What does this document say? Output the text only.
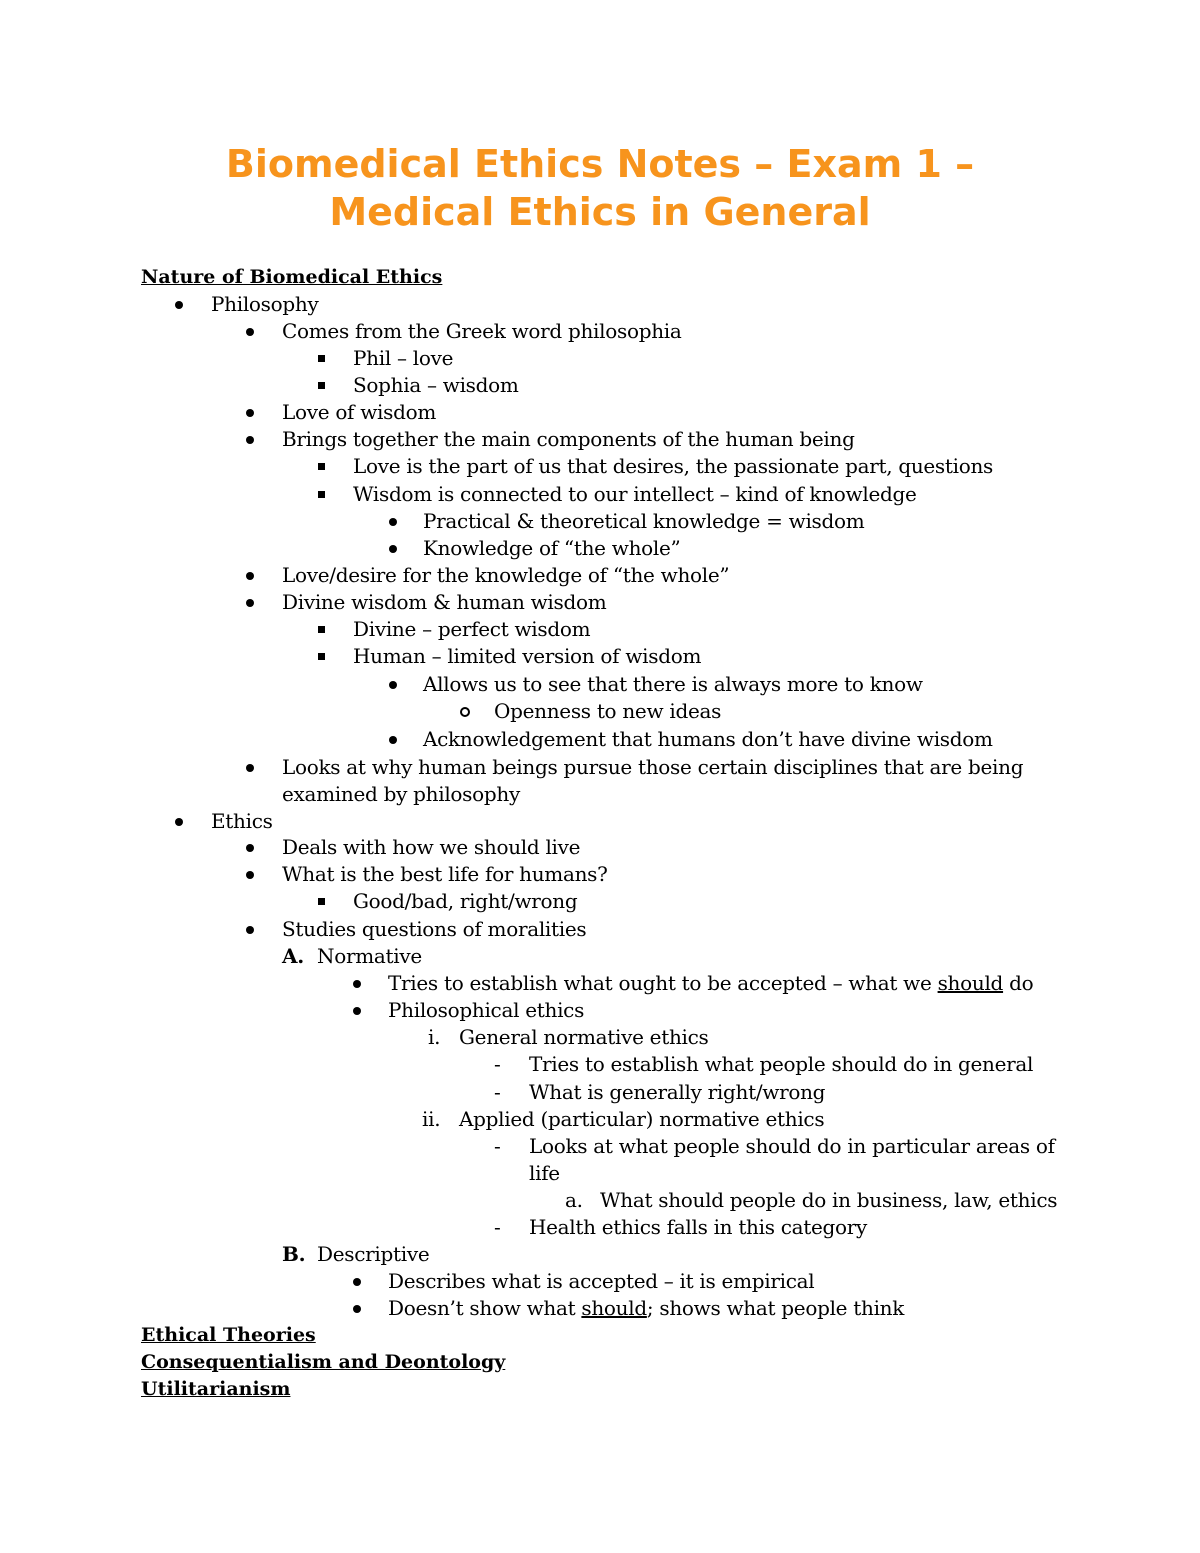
Biomedical Ethics Notes – Exam 1 –
Medical Ethics in General
Nature of Biomedical Ethics
Philosophy
Comes from the Greek word philosophia
Phil – love
Sophia – wisdom
Love of wisdom
Brings together the main components of the human being
Love is the part of us that desires, the passionate part, questions
Wisdom is connected to our intellect – kind of knowledge
Practical & theoretical knowledge = wisdom
Knowledge of “the whole”
Love/desire for the knowledge of “the whole”
Divine wisdom & human wisdom
Divine – perfect wisdom
Human – limited version of wisdom
Allows us to see that there is always more to know
Openness to new ideas
Acknowledgement that humans don’t have divine wisdom
Looks at why human beings pursue those certain disciplines that are being
examined by philosophy
Ethics
Deals with how we should live
What is the best life for humans?
Good/bad, right/wrong
Studies questions of moralities
A. Normative
Tries to establish what ought to be accepted – what we should do
Philosophical ethics
i. General normative ethics
- Tries to establish what people should do in general
- What is generally right/wrong
ii. Applied (particular) normative ethics
- Looks at what people should do in particular areas of
life
a. What should people do in business, law, ethics
- Health ethics falls in this category
B. Descriptive
Describes what is accepted – it is empirical
Doesn’t show what should; shows what people think
Ethical Theories
Consequentialism and Deontology
Utilitarianism
